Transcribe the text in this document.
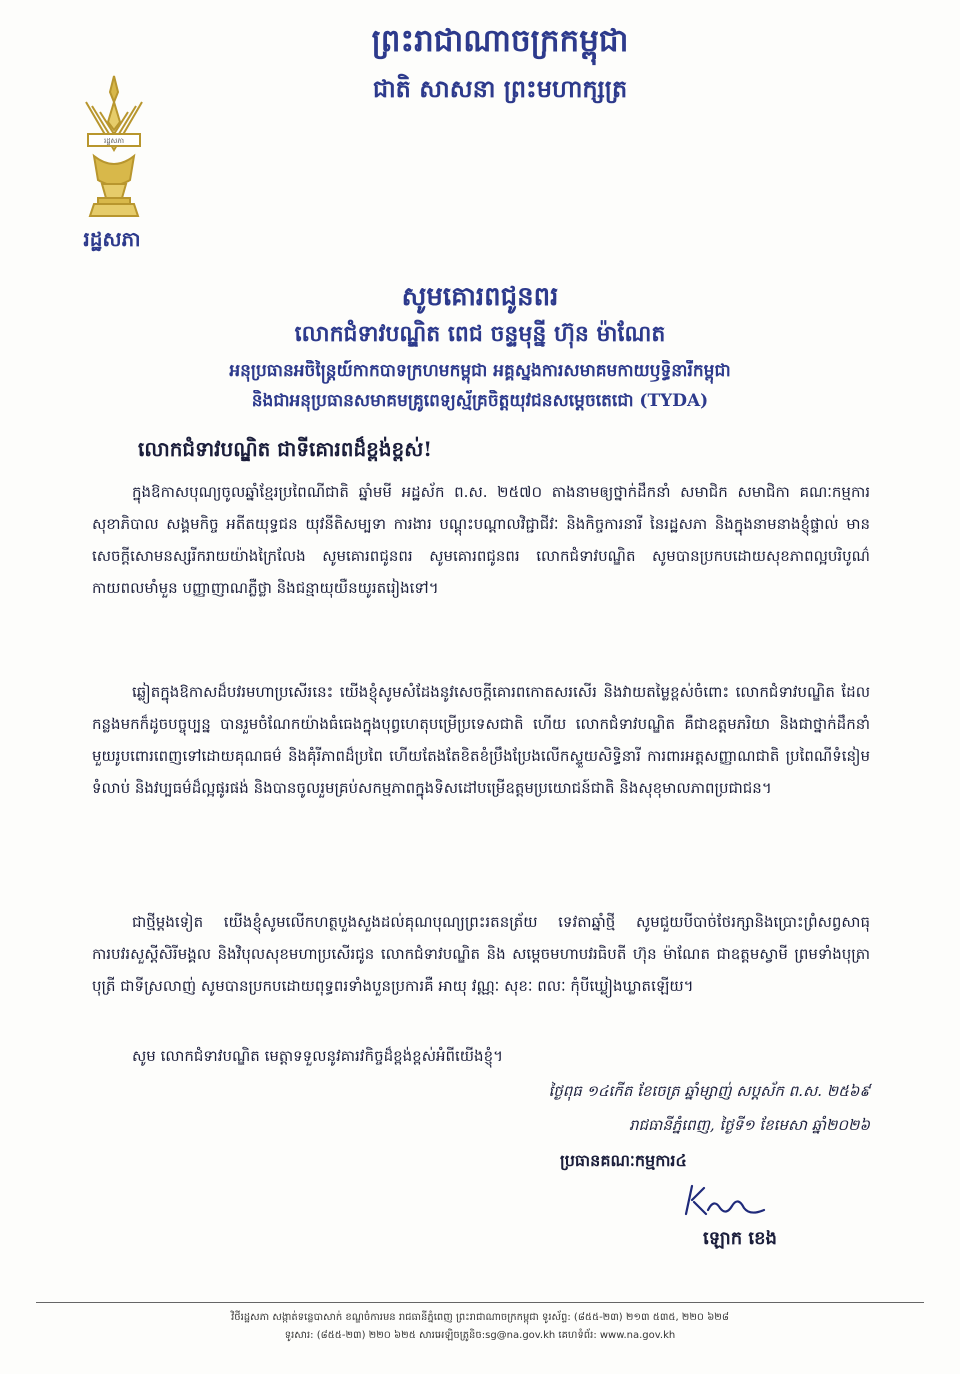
រដ្ឋសភា
រដ្ឋសភា
ព្រះរាជាណាចក្រកម្ពុជា
ជាតិ សាសនា ព្រះមហាក្សត្រ
សូមគោរពជូនពរ
លោកជំទាវបណ្ឌិត ពេជ ចន្ទមុន្នី ហ៊ុន ម៉ាណែត
អនុប្រធានអចិន្ត្រៃយ៍កាកបាទក្រហមកម្ពុជា អគ្គស្នងការសមាគមកាយឫទ្ធិនារីកម្ពុជា
និងជាអនុប្រធានសមាគមគ្រូពេទ្យស្ម័គ្រចិត្តយុវជនសម្ដេចតេជោ (TYDA)
លោកជំទាវបណ្ឌិត ជាទីគោរពដ៏ខ្ពង់ខ្ពស់!
ក្នុងឱកាសបុណ្យចូលឆ្នាំខ្មែរប្រពៃណីជាតិ ឆ្នាំមមី អដ្ឋស័ក ព.ស. ២៥៧០ តាងនាមឲ្យថ្នាក់ដឹកនាំ សមាជិក សមាជិកា គណៈកម្មការ សុខាភិបាល សង្គមកិច្ច អតីតយុទ្ធជន យុវនីតិសម្បទា ការងារ បណ្តុះបណ្តាលវិជ្ជាជីវៈ និងកិច្ចការនារី នៃរដ្ឋសភា និងក្នុងនាមនាងខ្ញុំផ្ទាល់ មានសេចក្តីសោមនស្សរីករាយយ៉ាងក្រៃលែង សូមគោរពជូនពរ សូមគោរពជូនពរ លោកជំទាវបណ្ឌិត សូមបានប្រកបដោយសុខភាពល្អបរិបូណ៌ កាយពលមាំមួន បញ្ញាញាណភ្លឺថ្លា និងជន្មាយុយឺនយូរតរៀងទៅ។
ឆ្លៀតក្នុងឱកាសដ៏បវរមហាប្រសើរនេះ យើងខ្ញុំសូមសំដែងនូវសេចក្តីគោរពកោតសរសើរ និងវាយតម្លៃខ្ពស់ចំពោះ លោកជំទាវបណ្ឌិត ដែលកន្លងមកក៏ដូចបច្ចុប្បន្ន បានរួមចំណែកយ៉ាងធំធេងក្នុងបុព្វហេតុបម្រើប្រទេសជាតិ ហើយ លោកជំទាវបណ្ឌិត គឺជាឧត្តមភរិយា និងជាថ្នាក់ដឹកនាំមួយរូបពោរពេញទៅដោយគុណធម៌ និងគុំរីភាពដ៏ប្រពៃ ហើយតែងតែខិតខំប្រឹងប្រែងលើកស្ទួយសិទ្ធិនារី ការពារអត្តសញ្ញាណជាតិ ប្រពៃណីទំនៀមទំលាប់ និងវប្បធម៌ដ៏ល្អផូរផង់ និងបានចូលរួមគ្រប់សកម្មភាពក្នុងទិសដៅបម្រើឧត្តមប្រយោជន៍ជាតិ និងសុខុមាលភាពប្រជាជន។
ជាថ្មីម្តងទៀត យើងខ្ញុំសូមលើកហត្ថបួងសួងដល់គុណបុណ្យព្រះរតនត្រ័យ ទេវតាឆ្នាំថ្មី សូមជួយបីបាច់ថែរក្សានិងប្រោះព្រំសព្វសាធុការបវរសួស្តីសិរីមង្គល និងវិបុលសុខមហាប្រសើរជូន លោកជំទាវបណ្ឌិត និង សម្តេចមហាបវរធិបតី ហ៊ុន ម៉ាណែត ជាឧត្តមស្វាមី ព្រមទាំងបុត្រា បុត្រី ជាទីស្រលាញ់ សូមបានប្រកបដោយពុទ្ធពរទាំងបួនប្រការគឺ អាយុ វណ្ណៈ សុខៈ ពលៈ កុំបីឃ្លៀងឃ្លាតឡើយ។
សូម លោកជំទាវបណ្ឌិត មេត្តាទទួលនូវគារវកិច្ចដ៏ខ្ពង់ខ្ពស់អំពីយើងខ្ញុំ។
ថ្ងៃពុធ ១៤កើត ខែចេត្រ ឆ្នាំម្សាញ់ សប្តស័ក ព.ស. ២៥៦៩
រាជធានីភ្នំពេញ, ថ្ងៃទី១ ខែមេសា ឆ្នាំ២០២៦
ប្រធានគណៈកម្មការ៤
ឡោក ខេង
វិថីរដ្ឋសភា សង្កាត់ទន្លេបាសាក់ ខណ្ឌចំការមន រាជធានីភ្នំពេញ ព្រះរាជាណាចក្រកម្ពុជា ទូរស័ព្ទ: (៨៥៥-២៣) ២១៣ ៥៣៥, ២២០ ៦២៨
ទូរសារ: (៨៥៥-២៣) ២២០ ៦២៥ សារអេឡិចត្រូនិច:sg@na.gov.kh គេហទំព័រ: www.na.gov.kh
